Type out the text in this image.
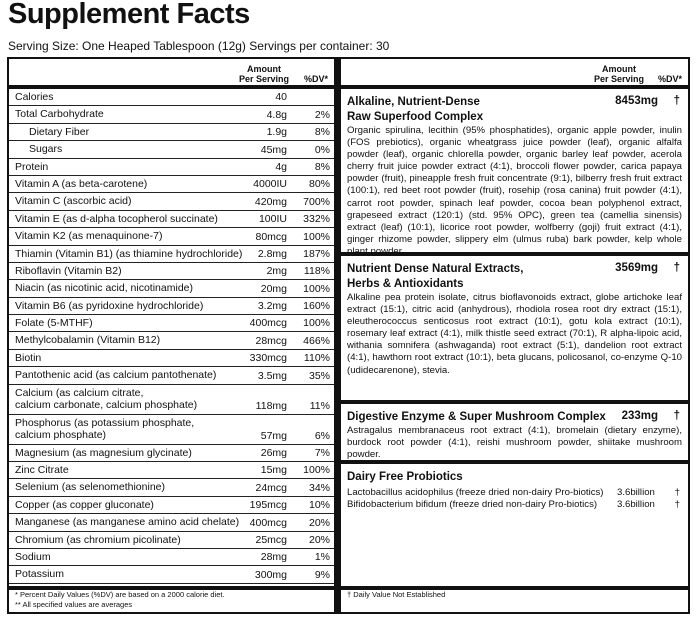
Supplement Facts
Serving Size: One Heaped Tablespoon (12g) Servings per container: 30
Amount
Per Serving	%DV*
Calories	40
Total Carbohydrate	4.8g	2%
Dietary Fiber	1.9g	8%
Sugars	45mg	0%
Protein	4g	8%
Vitamin A (as beta-carotene)	4000IU 80%
Vitamin C (ascorbic acid)	420mg 700%
Vitamin E (as d-alpha tocopherol succinate)	100IU 332%
Vitamin K2 (as menaquinone-7)	80mcg 100%
Thiamin (Vitamin B1) (as thiamine hydrochloride) 2.8mg 187%
Riboflavin (Vitamin B2)	2mg 118%
Niacin (as nicotinic acid, nicotinamide)	20mg 100%
Vitamin B6 (as pyridoxine hydrochloride)	3.2mg 160%
Folate (5-MTHF)	400mcg 100%
Methylcobalamin (Vitamin B12)	28mcg 466%
Biotin	330mcg 110%
Pantothenic acid (as calcium pantothenate)	3.5mg 35%
Calcium (as calcium citrate,
calcium carbonate, calcium phosphate)	118mg 11%
Phosphorus (as potassium phosphate,
calcium phosphate)	57mg	6%
Magnesium (as magnesium glycinate)	26mg	7%
Zinc Citrate	15mg 100%
Selenium (as selenomethionine)	24mcg 34%
Copper (as copper gluconate)	195mcg 10%
Manganese (as manganese amino acid chelate) 400mcg 20%
Chromium (as chromium picolinate)	25mcg 20%
Sodium	28mg	1%
Potassium	300mg	9%
* Percent Daily Values (%DV) are based on a 2000 calorie diet.
** All specified values are averages
Amount
Per Serving %DV*
Alkaline, Nutrient-Dense
Raw Superfood Complex
8453mg †
Organic spirulina, lecithin (95% phosphatides), organic apple powder, inulin (FOS prebiotics), organic wheatgrass juice powder (leaf), organic alfalfa powder (leaf), organic chlorella powder, organic barley leaf powder, acerola cherry fruit juice powder extract (4:1), broccoli flower powder, carica papaya powder (fruit), pineapple fresh fruit concentrate (9:1), bilberry fresh fruit extract (100:1), red beet root powder (fruit), rosehip (rosa canina) fruit powder (4:1), carrot root powder, spinach leaf powder, cocoa bean polyphenol extract, grapeseed extract (120:1) (std. 95% OPC), green tea (camellia sinensis) extract (leaf) (10:1), licorice root powder, wolfberry (goji) fruit extract (4:1), ginger rhizome powder, slippery elm (ulmus ruba) bark powder, kelp whole plant powder.
Nutrient Dense Natural Extracts,
Herbs & Antioxidants
3569mg †
Alkaline pea protein isolate, citrus bioflavonoids extract, globe artichoke leaf extract (15:1), citric acid (anhydrous), rhodiola rosea root dry extract (15:1), eleutherococcus senticosus root extract (10:1), gotu kola extract (10:1), rosemary leaf extract (4:1), milk thistle seed extract (70:1), R alpha-lipoic acid, withania somnifera (ashwaganda) root extract (5:1), dandelion root extract (4:1), hawthorn root extract (10:1), beta glucans, policosanol, co-enzyme Q-10 (udidecarenone), stevia.
Digestive Enzyme & Super Mushroom Complex	233mg †
Astragalus membranaceus root extract (4:1), bromelain (dietary enzyme), burdock root powder (4:1), reishi mushroom powder, shiitake mushroom powder.
Dairy Free Probiotics
Lactobacillus acidophilus (freeze dried non-dairy Pro-biotics) 3.6billion †
Bifidobacterium bifidum (freeze dried non-dairy Pro-biotics) 3.6billion †
† Daily Value Not Established
